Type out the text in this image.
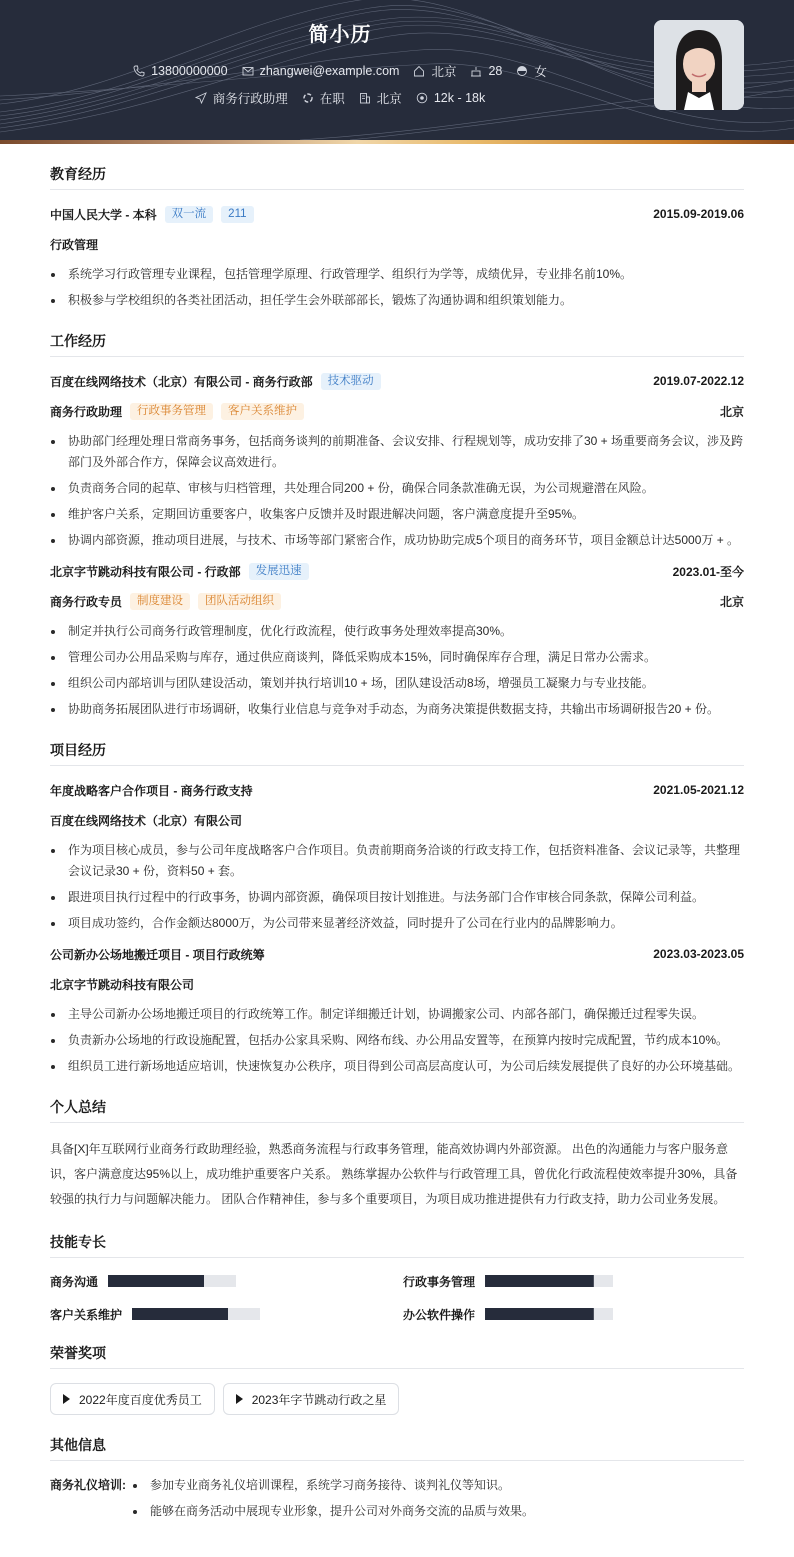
简小历
13800000000	zhangwei@example.com	北京	28	女
商务行政助理	在职	北京	12k - 18k
教育经历
中国人民大学 - 本科	双一流	211	2015.09-2019.06
行政管理
系统学习行政管理专业课程，包括管理学原理、行政管理学、组织行为学等，成绩优异，专业排名前10%。
积极参与学校组织的各类社团活动，担任学生会外联部部长，锻炼了沟通协调和组织策划能力。
工作经历
百度在线网络技术（北京）有限公司 - 商务行政部	技术驱动	2019.07-2022.12
商务行政助理	行政事务管理	客户关系维护	北京
协助部门经理处理日常商务事务，包括商务谈判的前期准备、会议安排、行程规划等，成功安排了30 + 场重要商务会议，涉及跨部门及外部合作方，保障会议高效进行。
负责商务合同的起草、审核与归档管理，共处理合同200 + 份，确保合同条款准确无误，为公司规避潜在风险。
维护客户关系，定期回访重要客户，收集客户反馈并及时跟进解决问题，客户满意度提升至95%。
协调内部资源，推动项目进展，与技术、市场等部门紧密合作，成功协助完成5个项目的商务环节，项目金额总计达5000万 + 。
北京字节跳动科技有限公司 - 行政部	发展迅速	2023.01-至今
商务行政专员	制度建设	团队活动组织	北京
制定并执行公司商务行政管理制度，优化行政流程，使行政事务处理效率提高30%。
管理公司办公用品采购与库存，通过供应商谈判，降低采购成本15%，同时确保库存合理，满足日常办公需求。
组织公司内部培训与团队建设活动，策划并执行培训10 + 场，团队建设活动8场，增强员工凝聚力与专业技能。
协助商务拓展团队进行市场调研，收集行业信息与竞争对手动态，为商务决策提供数据支持，共输出市场调研报告20 + 份。
项目经历
年度战略客户合作项目 - 商务行政支持	2021.05-2021.12
百度在线网络技术（北京）有限公司
作为项目核心成员，参与公司年度战略客户合作项目。负责前期商务洽谈的行政支持工作，包括资料准备、会议记录等，共整理会议记录30 + 份，资料50 + 套。
跟进项目执行过程中的行政事务，协调内部资源，确保项目按计划推进。与法务部门合作审核合同条款，保障公司利益。
项目成功签约，合作金额达8000万，为公司带来显著经济效益，同时提升了公司在行业内的品牌影响力。
公司新办公场地搬迁项目 - 项目行政统筹	2023.03-2023.05
北京字节跳动科技有限公司
主导公司新办公场地搬迁项目的行政统筹工作。制定详细搬迁计划，协调搬家公司、内部各部门，确保搬迁过程零失误。
负责新办公场地的行政设施配置，包括办公家具采购、网络布线、办公用品安置等，在预算内按时完成配置，节约成本10%。
组织员工进行新场地适应培训，快速恢复办公秩序，项目得到公司高层高度认可，为公司后续发展提供了良好的办公环境基础。
个人总结
具备[X]年互联网行业商务行政助理经验，熟悉商务流程与行政事务管理，能高效协调内外部资源。 出色的沟通能力与客户服务意识，客户满意度达95%以上，成功维护重要客户关系。 熟练掌握办公软件与行政管理工具，曾优化行政流程使效率提升30%，具备较强的执行力与问题解决能力。 团队合作精神佳，参与多个重要项目，为项目成功推进提供有力行政支持，助力公司业务发展。
技能专长
商务沟通	行政事务管理
客户关系维护	办公软件操作
荣誉奖项
2022年度百度优秀员工	2023年字节跳动行政之星
其他信息
商务礼仪培训:	参加专业商务礼仪培训课程，系统学习商务接待、谈判礼仪等知识。
能够在商务活动中展现专业形象，提升公司对外商务交流的品质与效果。
